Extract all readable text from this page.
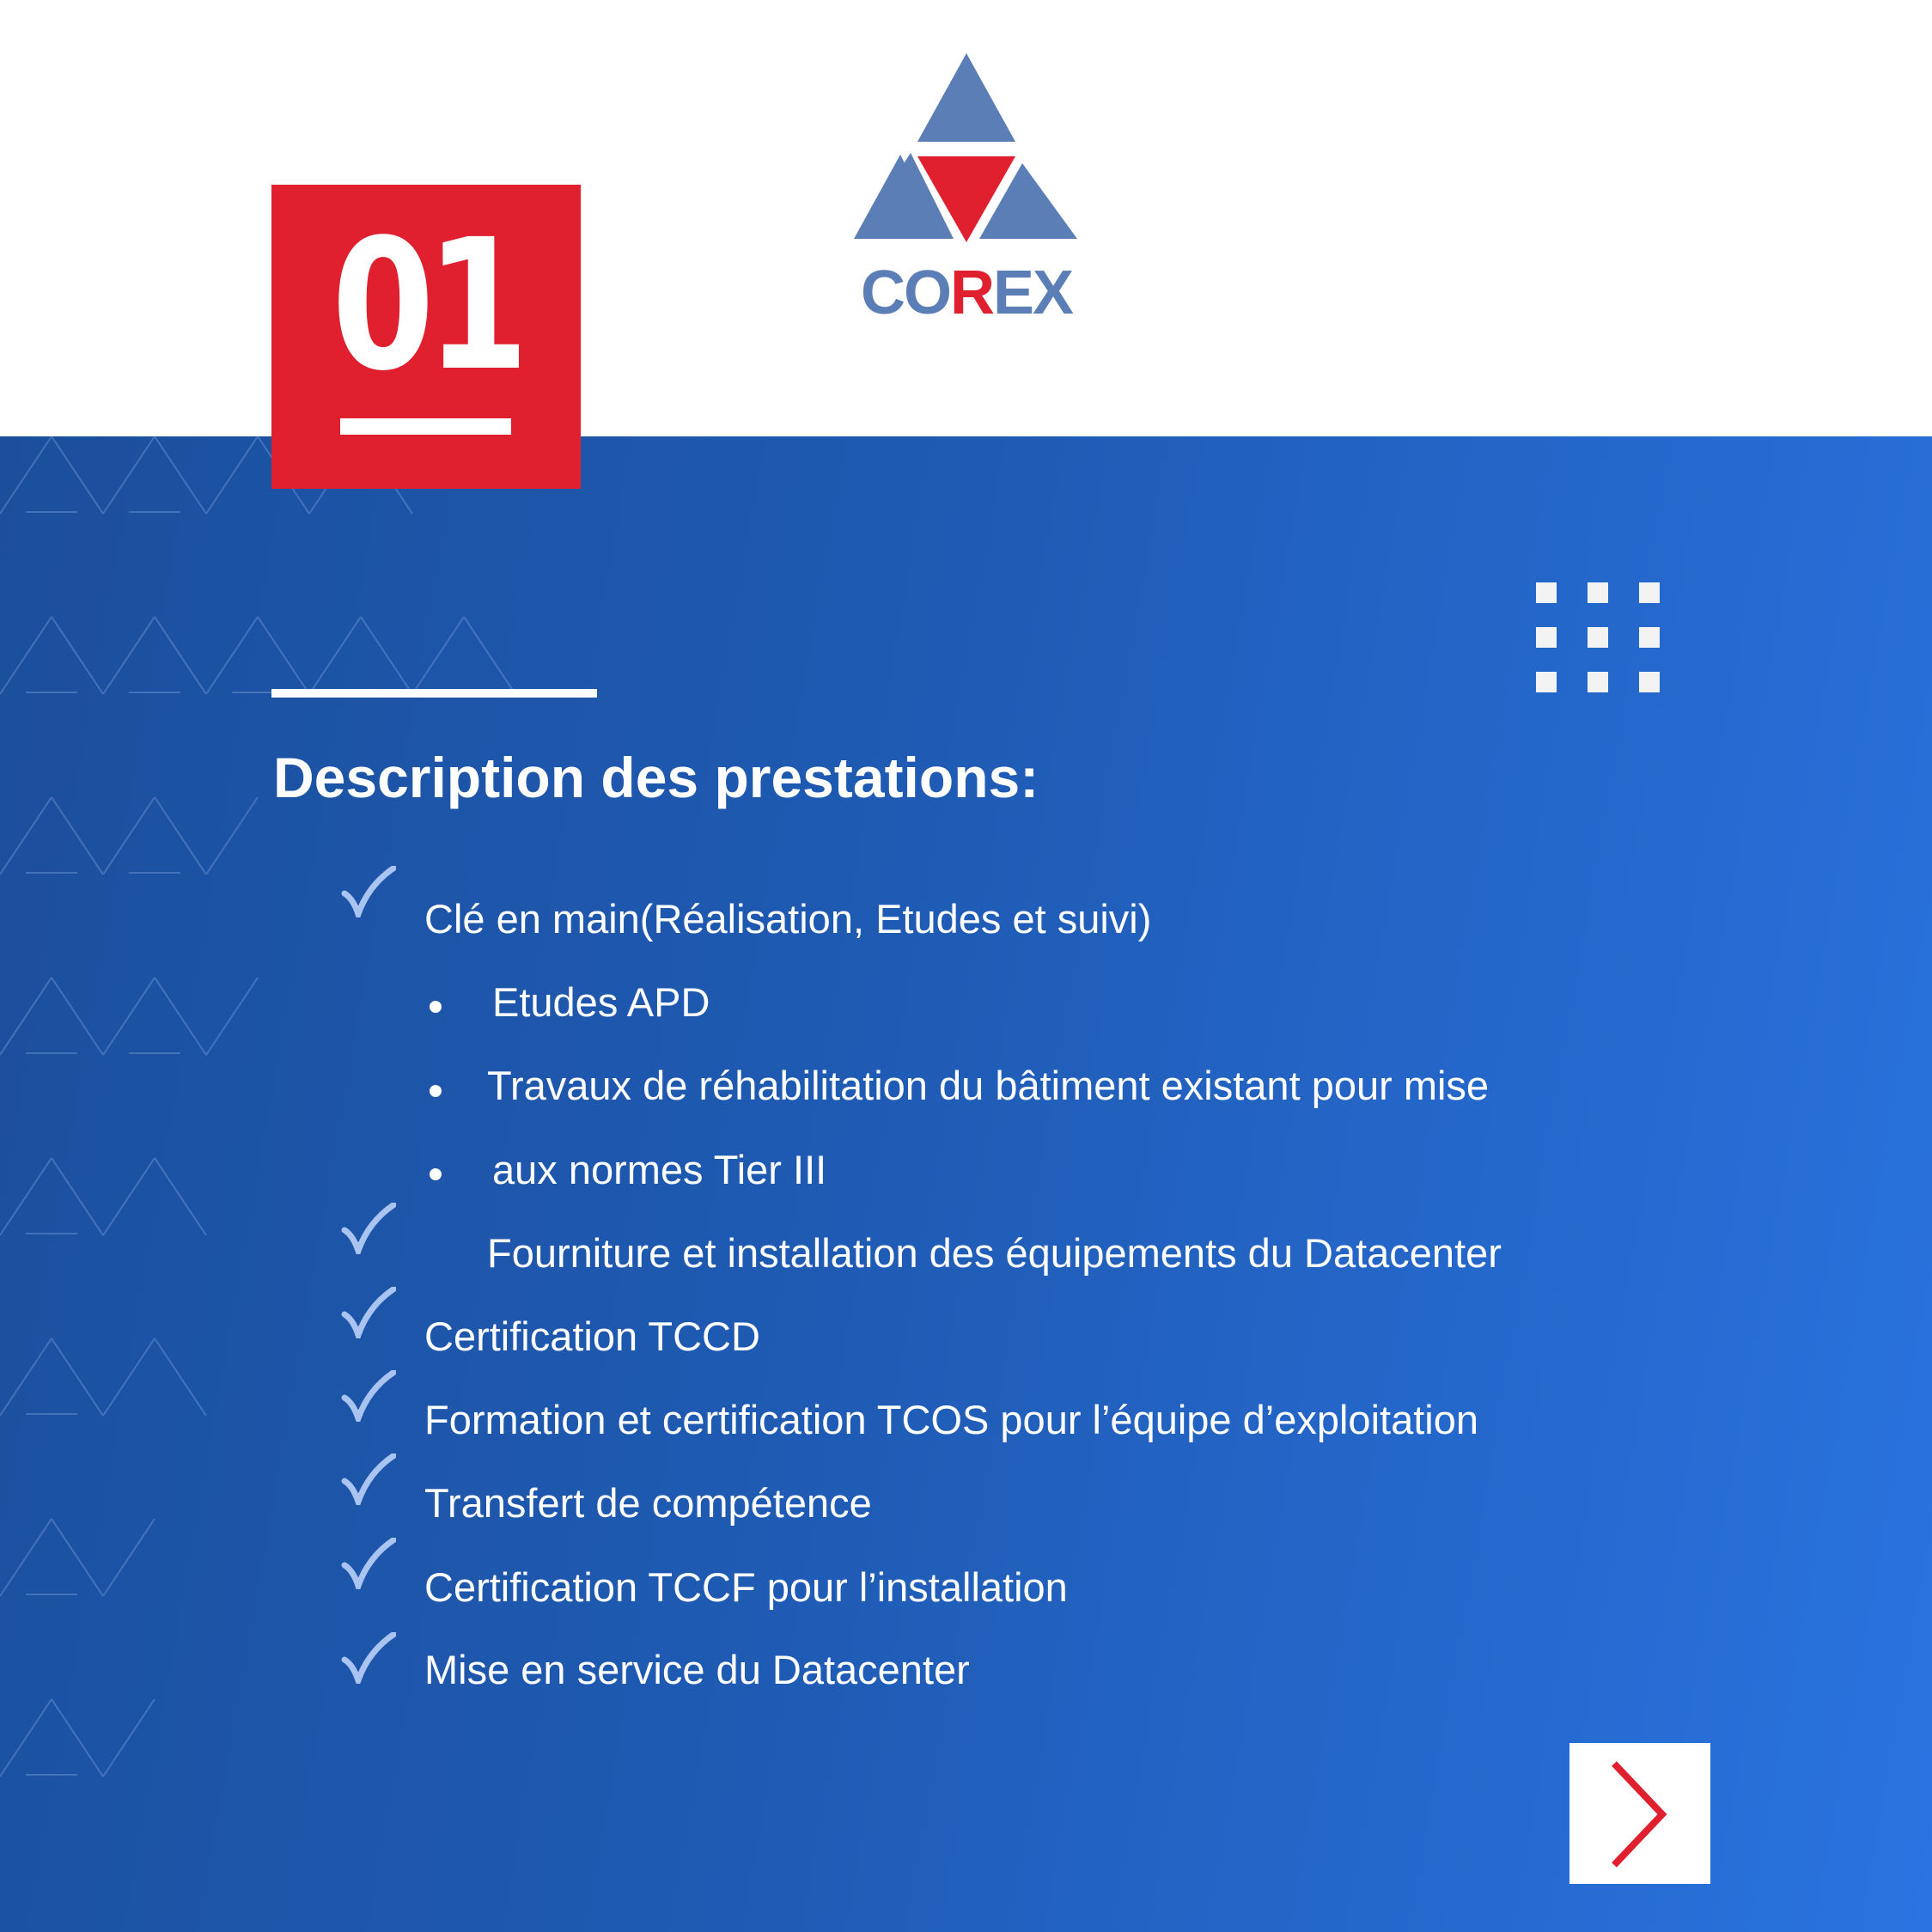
01	COREX
Description des prestations:
Clé en main(Réalisation, Etudes et suivi)
Etudes APD
Travaux de réhabilitation du bâtiment existant pour mise
aux normes Tier III
Fourniture et installation des équipements du Datacenter
Certification TCCD
Formation et certification TCOS pour l’équipe d’exploitation
Transfert de compétence
Certification TCCF pour l’installation
Mise en service du Datacenter
